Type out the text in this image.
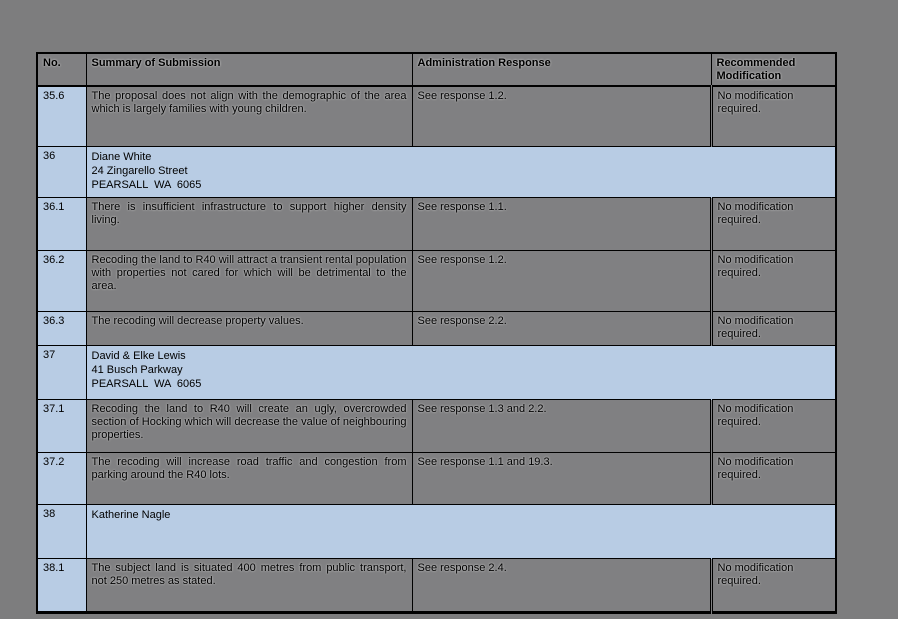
No.	Summary of Submission	Administration Response	Recommended Modification
35.6	The proposal does not align with the demographic of the area which is largely families with young children.	See response 1.2.	No modification required.
36	Diane White
24 Zingarello Street
PEARSALL  WA  6065		

36.1	There is insufficient infrastructure to support higher density living.	See response 1.1.	No modification required.
36.2	Recoding the land to R40 will attract a transient rental population with properties not cared for which will be detrimental to the area.	See response 1.2.	No modification required.
36.3	The recoding will decrease property values.	See response 2.2.	No modification required.
37	David & Elke Lewis
41 Busch Parkway
PEARSALL  WA  6065		

37.1	Recoding the land to R40 will create an ugly, overcrowded section of Hocking which will decrease the value of neighbouring properties.	See response 1.3 and 2.2.	No modification required.
37.2	The recoding will increase road traffic and congestion from parking around the R40 lots.	See response 1.1 and 19.3.	No modification required.
38	Katherine Nagle		

38.1	The subject land is situated 400 metres from public transport, not 250 metres as stated.	See response 2.4.	No modification required.
